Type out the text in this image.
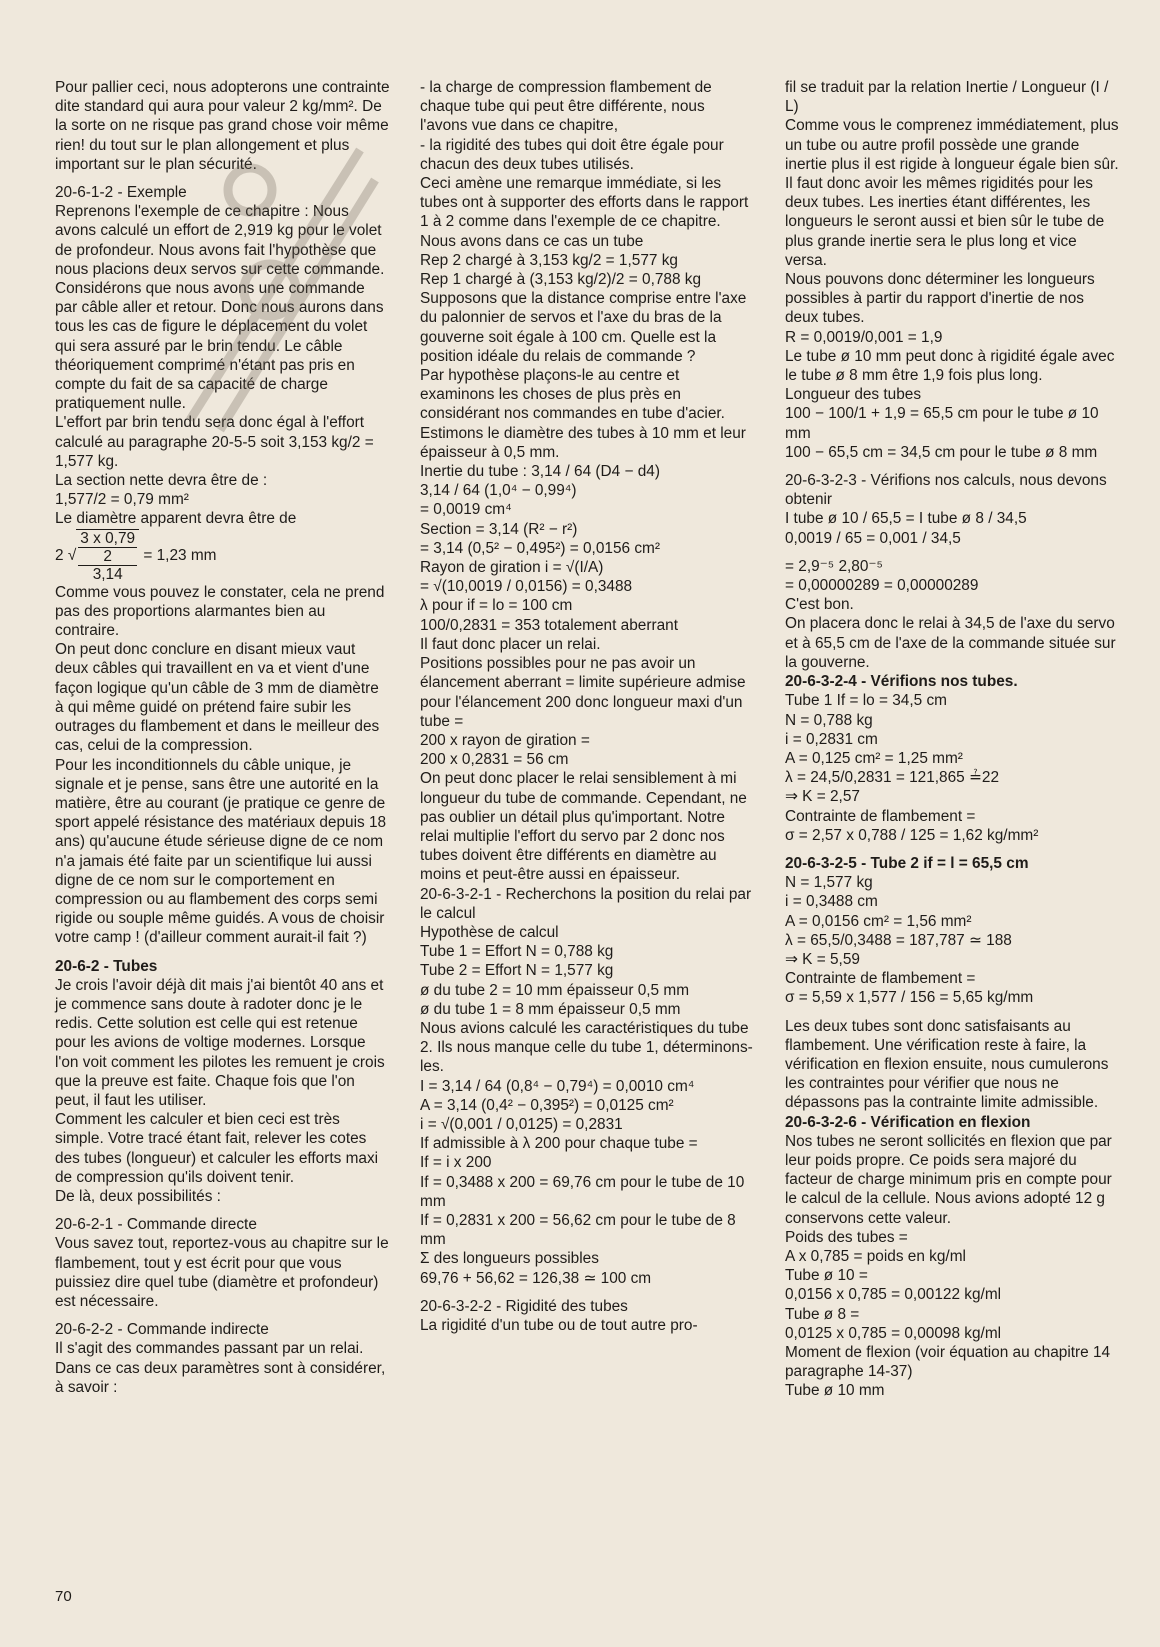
Pour pallier ceci, nous adopterons une contrainte dite standard qui aura pour valeur 2 kg/mm². De la sorte on ne risque pas grand chose voir même rien! du tout sur le plan allongement et plus important sur le plan sécurité.

20-6-1-2 - Exemple

Reprenons l'exemple de ce chapitre : Nous avons calculé un effort de 2,919 kg pour le volet de profondeur. Nous avons fait l'hypothèse que nous placions deux servos sur cette commande.

Considérons que nous avons une commande par câble aller et retour. Donc nous aurons dans tous les cas de figure le déplacement du volet qui sera assuré par le brin tendu. Le câble théoriquement comprimé n'étant pas pris en compte du fait de sa capacité de charge pratiquement nulle.

L'effort par brin tendu sera donc égal à l'effort calculé au paragraphe 20-5-5 soit 3,153 kg/2 = 1,577 kg.

La section nette devra être de :

1,577/2 = 0,79 mm²

Le diamètre apparent devra être de

2 √
3 x 0,79
2
3,14
= 1,23 mm

Comme vous pouvez le constater, cela ne prend pas des proportions alarmantes bien au contraire.

On peut donc conclure en disant mieux vaut deux câbles qui travaillent en va et vient d'une façon logique qu'un câble de 3 mm de diamètre à qui même guidé on prétend faire subir les outrages du flambement et dans le meilleur des cas, celui de la compression.

Pour les inconditionnels du câble unique, je signale et je pense, sans être une autorité en la matière, être au courant (je pratique ce genre de sport appelé résistance des matériaux depuis 18 ans) qu'aucune étude sérieuse digne de ce nom n'a jamais été faite par un scientifique lui aussi digne de ce nom sur le comportement en compression ou au flambement des corps semi rigide ou souple même guidés. A vous de choisir votre camp ! (d'ailleur comment aurait-il fait ?)

20-6-2 - Tubes

Je crois l'avoir déjà dit mais j'ai bientôt 40 ans et je commence sans doute à radoter donc je le redis. Cette solution est celle qui est retenue pour les avions de voltige modernes. Lorsque l'on voit comment les pilotes les remuent je crois que la preuve est faite. Chaque fois que l'on peut, il faut les utiliser.

Comment les calculer et bien ceci est très simple. Votre tracé étant fait, relever les cotes des tubes (longueur) et calculer les efforts maxi de compression qu'ils doivent tenir.

De là, deux possibilités :

20-6-2-1 - Commande directe

Vous savez tout, reportez-vous au chapitre sur le flambement, tout y est écrit pour que vous puissiez dire quel tube (diamètre et profondeur) est nécessaire.

20-6-2-2 - Commande indirecte

Il s'agit des commandes passant par un relai. Dans ce cas deux paramètres sont à considérer, à savoir :

- la charge de compression flambement de chaque tube qui peut être différente, nous l'avons vue dans ce chapitre,

- la rigidité des tubes qui doit être égale pour chacun des deux tubes utilisés.

Ceci amène une remarque immédiate, si les tubes ont à supporter des efforts dans le rapport 1 à 2 comme dans l'exemple de ce chapitre.

Nous avons dans ce cas un tube

Rep 2 chargé à 3,153 kg/2 = 1,577 kg

Rep 1 chargé à (3,153 kg/2)/2 = 0,788 kg

Supposons que la distance comprise entre l'axe du palonnier de servos et l'axe du bras de la gouverne soit égale à 100 cm. Quelle est la position idéale du relais de commande ?

Par hypothèse plaçons-le au centre et examinons les choses de plus près en considérant nos commandes en tube d'acier.

Estimons le diamètre des tubes à 10 mm et leur épaisseur à 0,5 mm.

Inertie du tube : 3,14 / 64 (D4 − d4)

3,14 / 64 (1,0⁴ − 0,99⁴)

= 0,0019 cm⁴

Section = 3,14 (R² − r²)

= 3,14 (0,5² − 0,495²) = 0,0156 cm²

Rayon de giration i = √(I/A)

= √(10,0019 / 0,0156) = 0,3488

λ pour if = lo = 100 cm

100/0,2831 = 353 totalement aberrant

Il faut donc placer un relai.

Positions possibles pour ne pas avoir un élancement aberrant = limite supérieure admise pour l'élancement 200 donc longueur maxi d'un tube =

200 x rayon de giration =

200 x 0,2831 = 56 cm

On peut donc placer le relai sensiblement à mi longueur du tube de commande. Cependant, ne pas oublier un détail plus qu'important. Notre relai multiplie l'effort du servo par 2 donc nos tubes doivent être différents en diamètre au moins et peut-être aussi en épaisseur.

20-6-3-2-1 - Recherchons la position du relai par le calcul

Hypothèse de calcul

Tube 1 = Effort N = 0,788 kg

Tube 2 = Effort N = 1,577 kg

ø du tube 2 = 10 mm épaisseur 0,5 mm

ø du tube 1 = 8 mm épaisseur 0,5 mm

Nous avions calculé les caractéristiques du tube 2. Ils nous manque celle du tube 1, déterminons-les.

I = 3,14 / 64 (0,8⁴ − 0,79⁴) = 0,0010 cm⁴

A = 3,14 (0,4² − 0,395²) = 0,0125 cm²

i = √(0,001 / 0,0125) = 0,2831

If admissible à λ 200 pour chaque tube =

If = i x 200

If = 0,3488 x 200 = 69,76 cm pour le tube de 10 mm

If = 0,2831 x 200 = 56,62 cm pour le tube de 8 mm

Σ des longueurs possibles

69,76 + 56,62 = 126,38 ≃ 100 cm

20-6-3-2-2 - Rigidité des tubes

La rigidité d'un tube ou de tout autre pro-

fil se traduit par la relation Inertie / Longueur (I / L)

Comme vous le comprenez immédiatement, plus un tube ou autre profil possède une grande inertie plus il est rigide à longueur égale bien sûr.

Il faut donc avoir les mêmes rigidités pour les deux tubes. Les inerties étant différentes, les longueurs le seront aussi et bien sûr le tube de plus grande inertie sera le plus long et vice versa.

Nous pouvons donc déterminer les longueurs possibles à partir du rapport d'inertie de nos deux tubes.

R = 0,0019/0,001 = 1,9

Le tube ø 10 mm peut donc à rigidité égale avec le tube ø 8 mm être 1,9 fois plus long.

Longueur des tubes

100 − 100/1 + 1,9 = 65,5 cm pour le tube ø 10 mm

100 − 65,5 cm = 34,5 cm pour le tube ø 8 mm

20-6-3-2-3 - Vérifions nos calculs, nous devons obtenir

I tube ø 10 / 65,5 = I tube ø 8 / 34,5

0,0019 / 65 = 0,001 / 34,5

= 2,9⁻⁵ 2,80⁻⁵

= 0,00000289 = 0,00000289

C'est bon.

On placera donc le relai à 34,5 de l'axe du servo et à 65,5 cm de l'axe de la commande située sur la gouverne.

20-6-3-2-4 - Vérifions nos tubes.

Tube 1 If = lo = 34,5 cm

N = 0,788 kg

i = 0,2831 cm

A = 0,125 cm² = 1,25 mm²

λ = 24,5/0,2831 = 121,865 ≟22

⇒ K = 2,57

Contrainte de flambement =

σ = 2,57 x 0,788 / 125 = 1,62 kg/mm²

20-6-3-2-5 - Tube 2 if = l = 65,5 cm

N = 1,577 kg

i = 0,3488 cm

A = 0,0156 cm² = 1,56 mm²

λ = 65,5/0,3488 = 187,787 ≃ 188

⇒ K = 5,59

Contrainte de flambement =

σ = 5,59 x 1,577 / 156 = 5,65 kg/mm

Les deux tubes sont donc satisfaisants au flambement. Une vérification reste à faire, la vérification en flexion ensuite, nous cumulerons les contraintes pour vérifier que nous ne dépassons pas la contrainte limite admissible.

20-6-3-2-6 - Vérification en flexion

Nos tubes ne seront sollicités en flexion que par leur poids propre. Ce poids sera majoré du facteur de charge minimum pris en compte pour le calcul de la cellule. Nous avions adopté 12 g conservons cette valeur.

Poids des tubes =

A x 0,785 = poids en kg/ml

Tube ø 10 =

0,0156 x 0,785 = 0,00122 kg/ml

Tube ø 8 =

0,0125 x 0,785 = 0,00098 kg/ml

Moment de flexion (voir équation au chapitre 14 paragraphe 14-37)

Tube ø 10 mm

70
